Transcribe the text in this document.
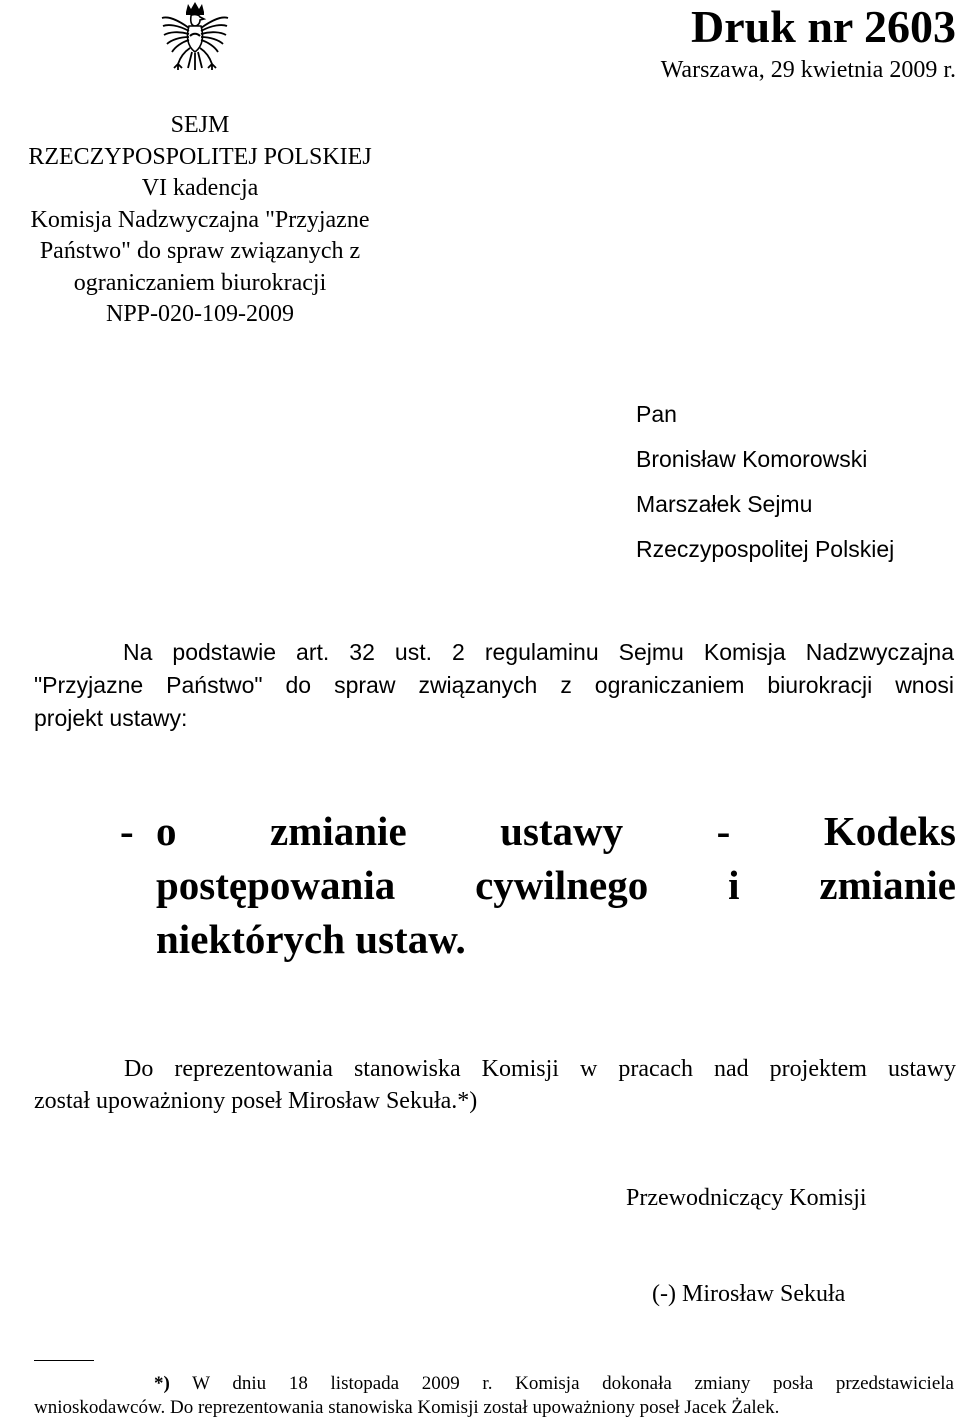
Druk nr 2603
Warszawa, 29 kwietnia 2009 r.
SEJM
RZECZYPOSPOLITEJ POLSKIEJ
VI kadencja
Komisja Nadzwyczajna "Przyjazne
Państwo" do spraw związanych z
ograniczaniem biurokracji
NPP-020-109-2009
Pan
Bronisław Komorowski
Marszałek Sejmu
Rzeczypospolitej Polskiej
Na podstawie art. 32 ust. 2 regulaminu Sejmu Komisja Nadzwyczajna
"Przyjazne Państwo" do spraw związanych z ograniczaniem biurokracji wnosi
projekt ustawy:
- o zmianie ustawy - Kodeks
postępowania cywilnego i zmianie
niektórych ustaw.
Do reprezentowania stanowiska Komisji w pracach nad projektem ustawy
został upoważniony poseł Mirosław Sekuła.*)
Przewodniczący Komisji
(-) Mirosław Sekuła
*) W dniu 18 listopada 2009 r. Komisja dokonała zmiany posła przedstawiciela
wnioskodawców. Do reprezentowania stanowiska Komisji został upoważniony poseł Jacek Żalek.
